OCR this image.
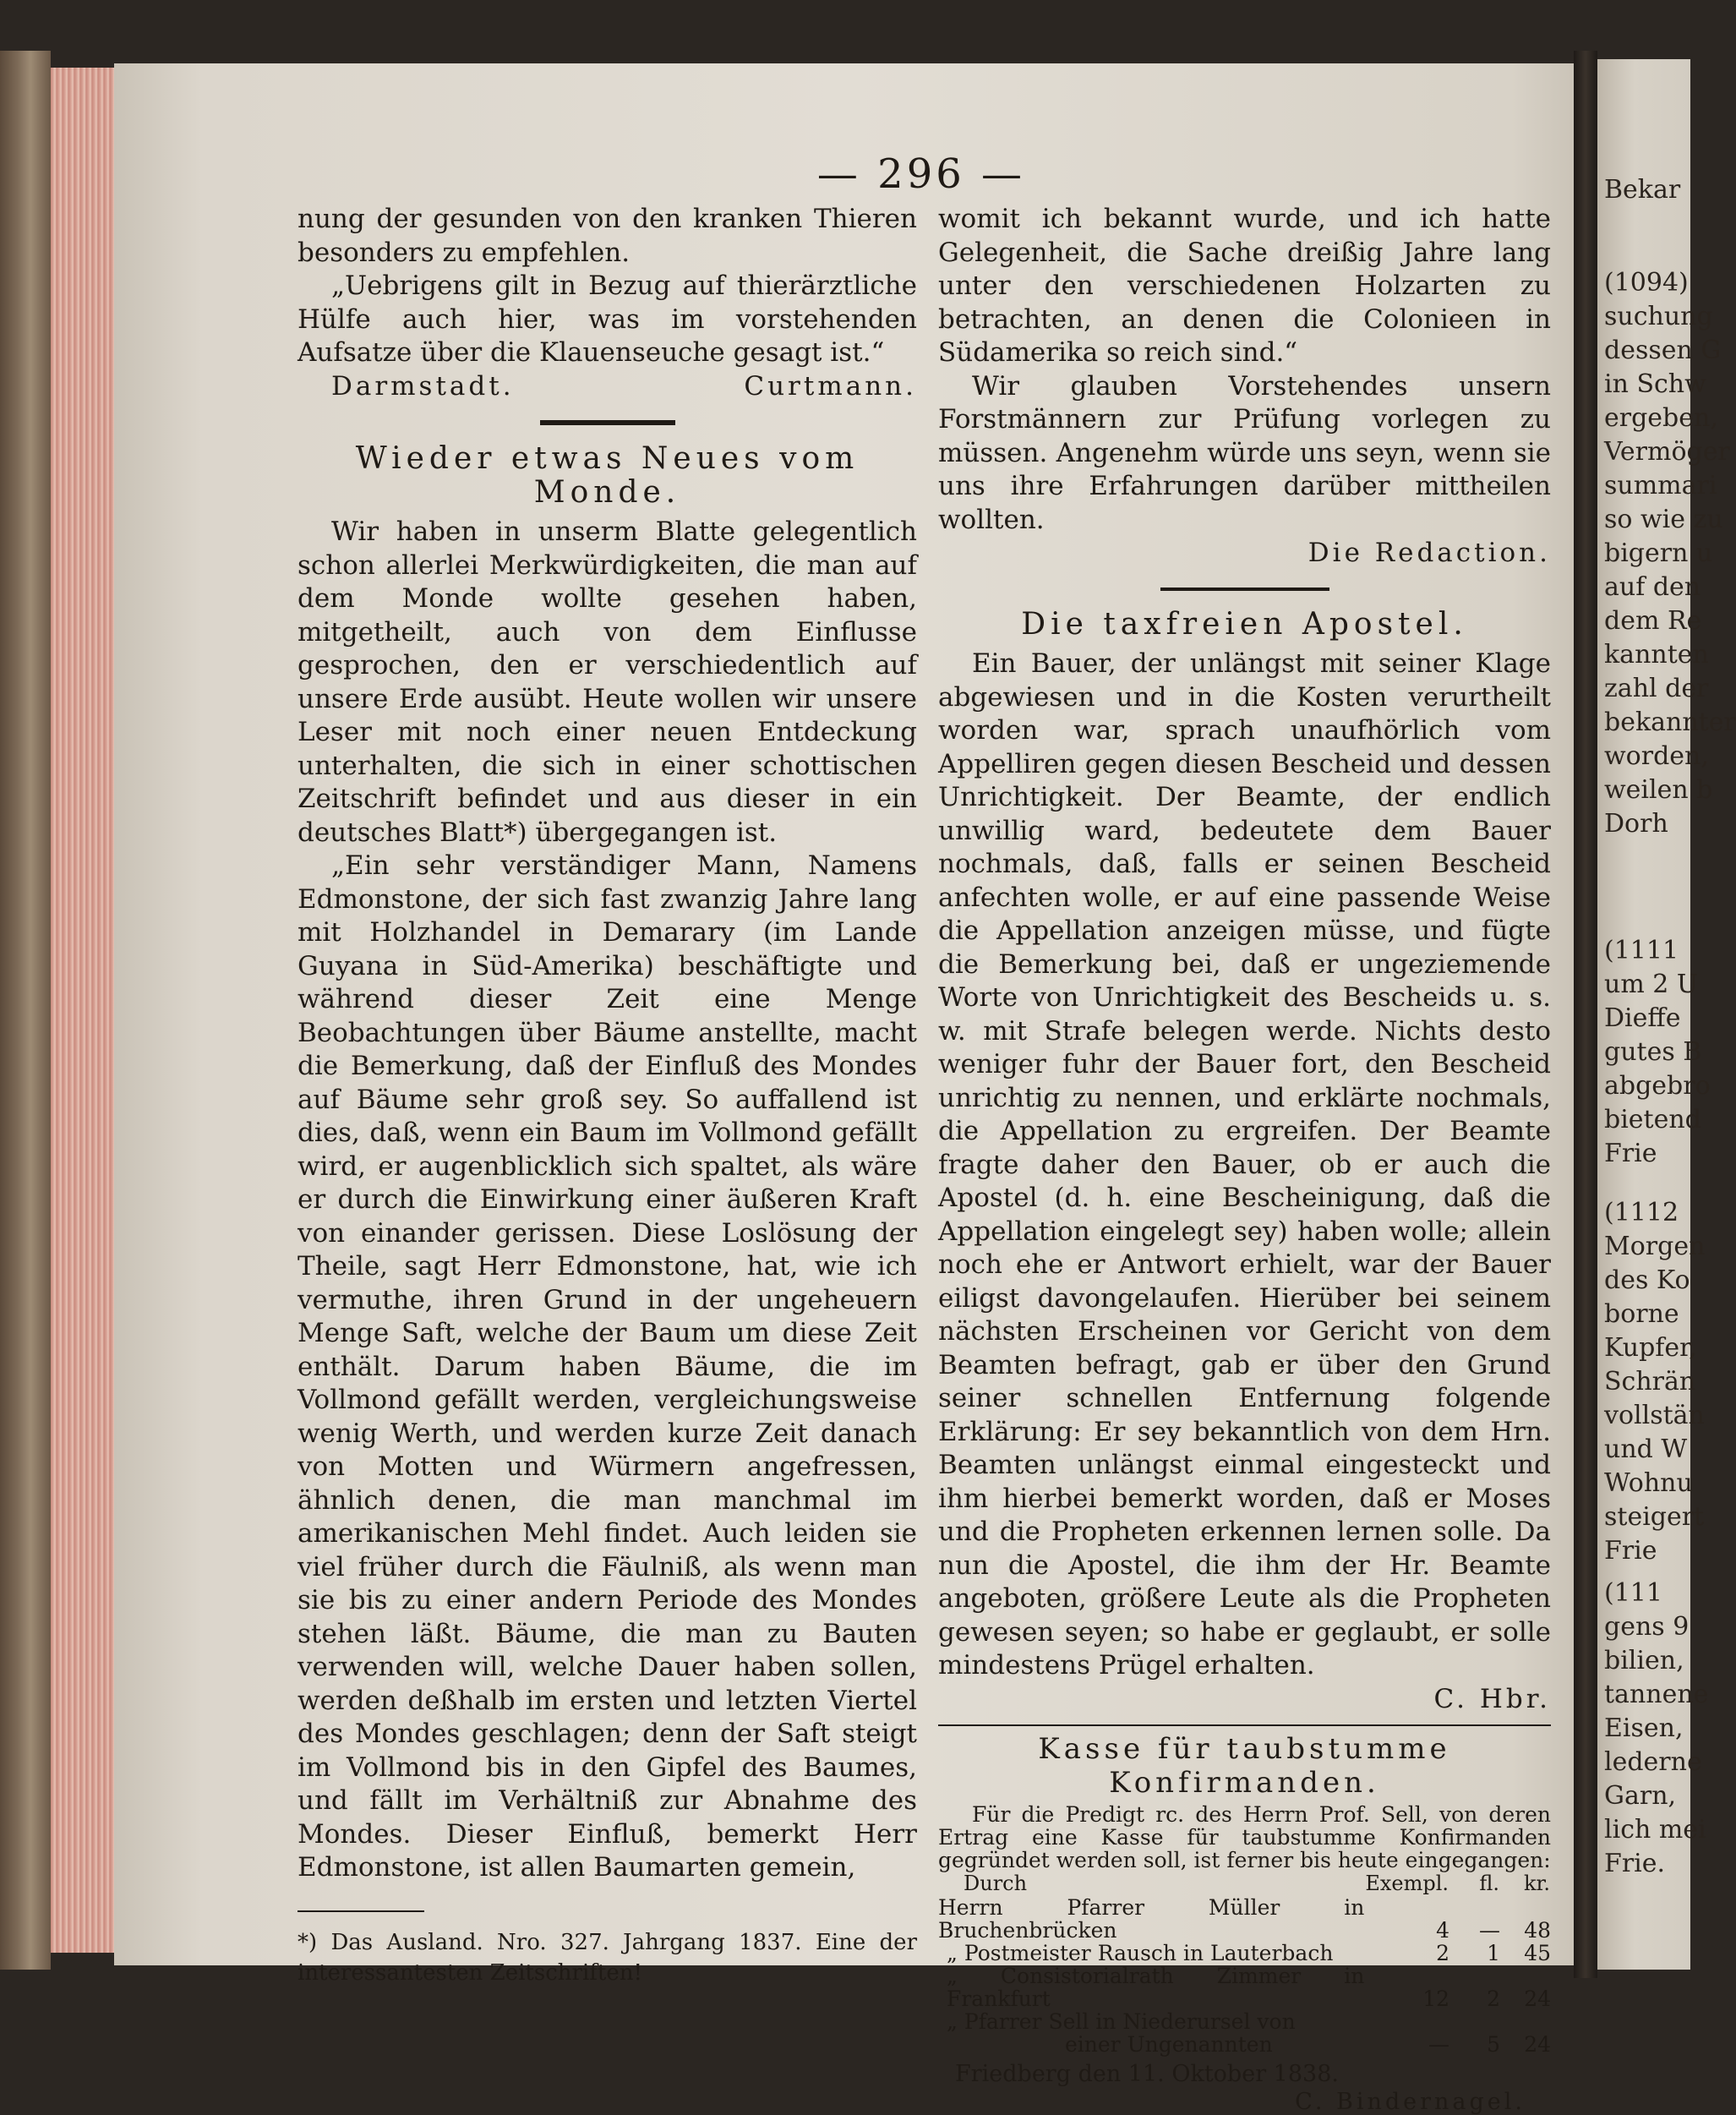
Bekar
(1094)
suchung
dessen G
in Schw
ergeben,
Vermöger
summari
so wie zu
bigern u
auf den
dem Re
kannten
zahl der
bekannter
worden,
weilen b
Dorh
(1111
um 2 U
Dieffe
gutes B
abgebro
bietend
Frie
(1112
Morgen
des Ko
borne
Kupfer,
Schrän
vollstän
und W
Wohnu
steigert
Frie
(111
gens 9
bilien,
tannene
Eisen,
lederne
Garn,
lich mei
Frie.
— 296 —

nung der gesunden von den kranken Thieren besonders zu empfehlen.

„Uebrigens gilt in Bezug auf thierärztliche Hülfe auch hier, was im vorstehenden Aufsatze über die Klauenseuche gesagt ist.“

Darmstadt.	Curtmann.
Wieder etwas Neues vom Monde.

Wir haben in unserm Blatte gelegentlich schon allerlei Merkwürdigkeiten, die man auf dem Monde wollte gesehen haben, mitgetheilt, auch von dem Einflusse gesprochen, den er verschiedentlich auf unsere Erde ausübt. Heute wollen wir unsere Leser mit noch einer neuen Entdeckung unterhalten, die sich in einer schottischen Zeitschrift befindet und aus dieser in ein deutsches Blatt*) übergegangen ist.

„Ein sehr verständiger Mann, Namens Edmonstone, der sich fast zwanzig Jahre lang mit Holzhandel in Demarary (im Lande Guyana in Süd-Amerika) beschäftigte und während dieser Zeit eine Menge Beobachtungen über Bäume anstellte, macht die Bemerkung, daß der Einfluß des Mondes auf Bäume sehr groß sey. So auffallend ist dies, daß, wenn ein Baum im Vollmond gefällt wird, er augenblicklich sich spaltet, als wäre er durch die Einwirkung einer äußeren Kraft von einander gerissen. Diese Loslösung der Theile, sagt Herr Edmonstone, hat, wie ich vermuthe, ihren Grund in der ungeheuern Menge Saft, welche der Baum um diese Zeit enthält. Darum haben Bäume, die im Vollmond gefällt werden, vergleichungsweise wenig Werth, und werden kurze Zeit danach von Motten und Würmern angefressen, ähnlich denen, die man manchmal im amerikanischen Mehl findet. Auch leiden sie viel früher durch die Fäulniß, als wenn man sie bis zu einer andern Periode des Mondes stehen läßt. Bäume, die man zu Bauten verwenden will, welche Dauer haben sollen, werden deßhalb im ersten und letzten Viertel des Mondes geschlagen; denn der Saft steigt im Vollmond bis in den Gipfel des Baumes, und fällt im Verhältniß zur Abnahme des Mondes. Dieser Einfluß, bemerkt Herr Edmonstone, ist allen Baumarten gemein,

*) Das Ausland. Nro. 327. Jahrgang 1837. Eine der interessantesten Zeitschriften!

womit ich bekannt wurde, und ich hatte Gelegenheit, die Sache dreißig Jahre lang unter den verschiedenen Holzarten zu betrachten, an denen die Colonieen in Südamerika so reich sind.“

Wir glauben Vorstehendes unsern Forstmännern zur Prüfung vorlegen zu müssen. Angenehm würde uns seyn, wenn sie uns ihre Erfahrungen darüber mittheilen wollten.

Die Redaction.
Die taxfreien Apostel.

Ein Bauer, der unlängst mit seiner Klage abgewiesen und in die Kosten verurtheilt worden war, sprach unaufhörlich vom Appelliren gegen diesen Bescheid und dessen Unrichtigkeit. Der Beamte, der endlich unwillig ward, bedeutete dem Bauer nochmals, daß, falls er seinen Bescheid anfechten wolle, er auf eine passende Weise die Appellation anzeigen müsse, und fügte die Bemerkung bei, daß er ungeziemende Worte von Unrichtigkeit des Bescheids u. s. w. mit Strafe belegen werde. Nichts desto weniger fuhr der Bauer fort, den Bescheid unrichtig zu nennen, und erklärte nochmals, die Appellation zu ergreifen. Der Beamte fragte daher den Bauer, ob er auch die Apostel (d. h. eine Bescheinigung, daß die Appellation eingelegt sey) haben wolle; allein noch ehe er Antwort erhielt, war der Bauer eiligst davongelaufen. Hierüber bei seinem nächsten Erscheinen vor Gericht von dem Beamten befragt, gab er über den Grund seiner schnellen Entfernung folgende Erklärung: Er sey bekanntlich von dem Hrn. Beamten unlängst einmal eingesteckt und ihm hierbei bemerkt worden, daß er Moses und die Propheten erkennen lernen solle. Da nun die Apostel, die ihm der Hr. Beamte angeboten, größere Leute als die Propheten gewesen seyen; so habe er geglaubt, er solle mindestens Prügel erhalten.

C. Hbr.
Kasse für taubstumme Konfirmanden.

Für die Predigt rc. des Herrn Prof. Sell, von deren Ertrag eine Kasse für taubstumme Konfirmanden gegründet werden soll, ist ferner bis heute eingegangen:

Durch	Exempl.	fl.	kr.
Herrn Pfarrer Müller in Bruchenbrücken	4	—	48
„ Postmeister Rausch in Lauterbach	2	1	45
„ Consistorialrath Zimmer in Frankfurt	12	2	24
„ Pfarrer Sell in Niederursel von			
einer Ungenannten	—	5	24

Friedberg den 11. Oktober 1838.

C. Bindernagel.
